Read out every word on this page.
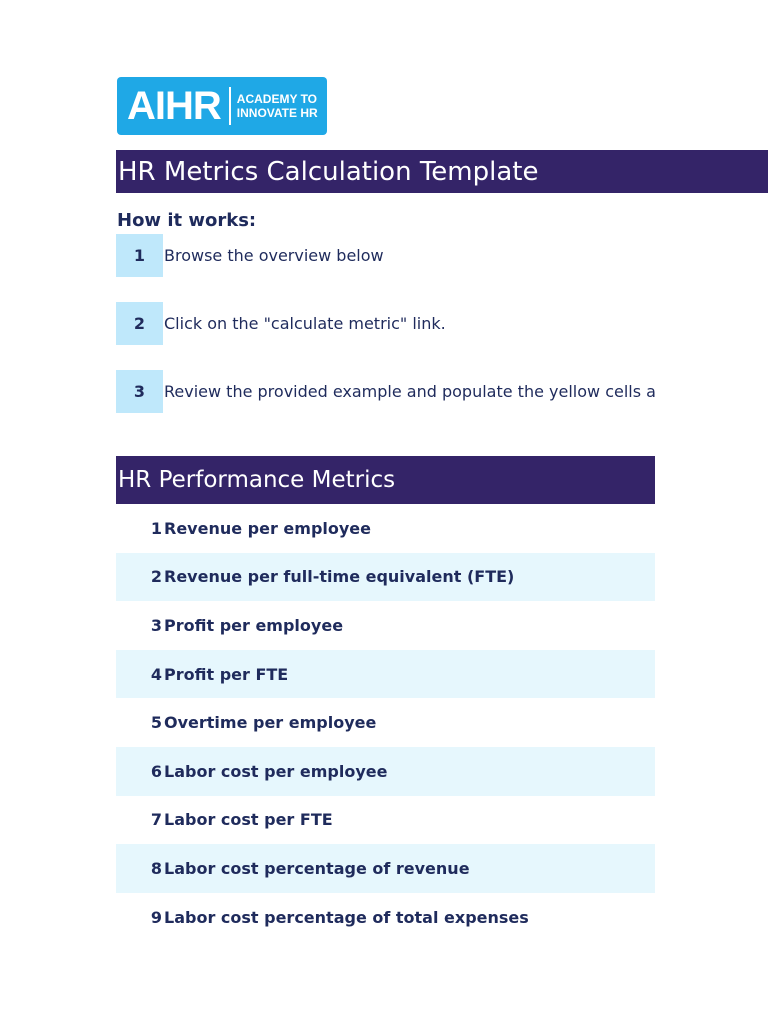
AIHR ACADEMY TO
INNOVATE HR
HR Metrics Calculation Template
How it works:
1	Browse the overview below
2	Click on the "calculate metric" link.
3	Review the provided example and populate the yellow cells a
HR Performance Metrics
1 Revenue per employee
2 Revenue per full-time equivalent (FTE)
3 Profit per employee
4 Profit per FTE
5 Overtime per employee
6 Labor cost per employee
7 Labor cost per FTE
8 Labor cost percentage of revenue
9 Labor cost percentage of total expenses
